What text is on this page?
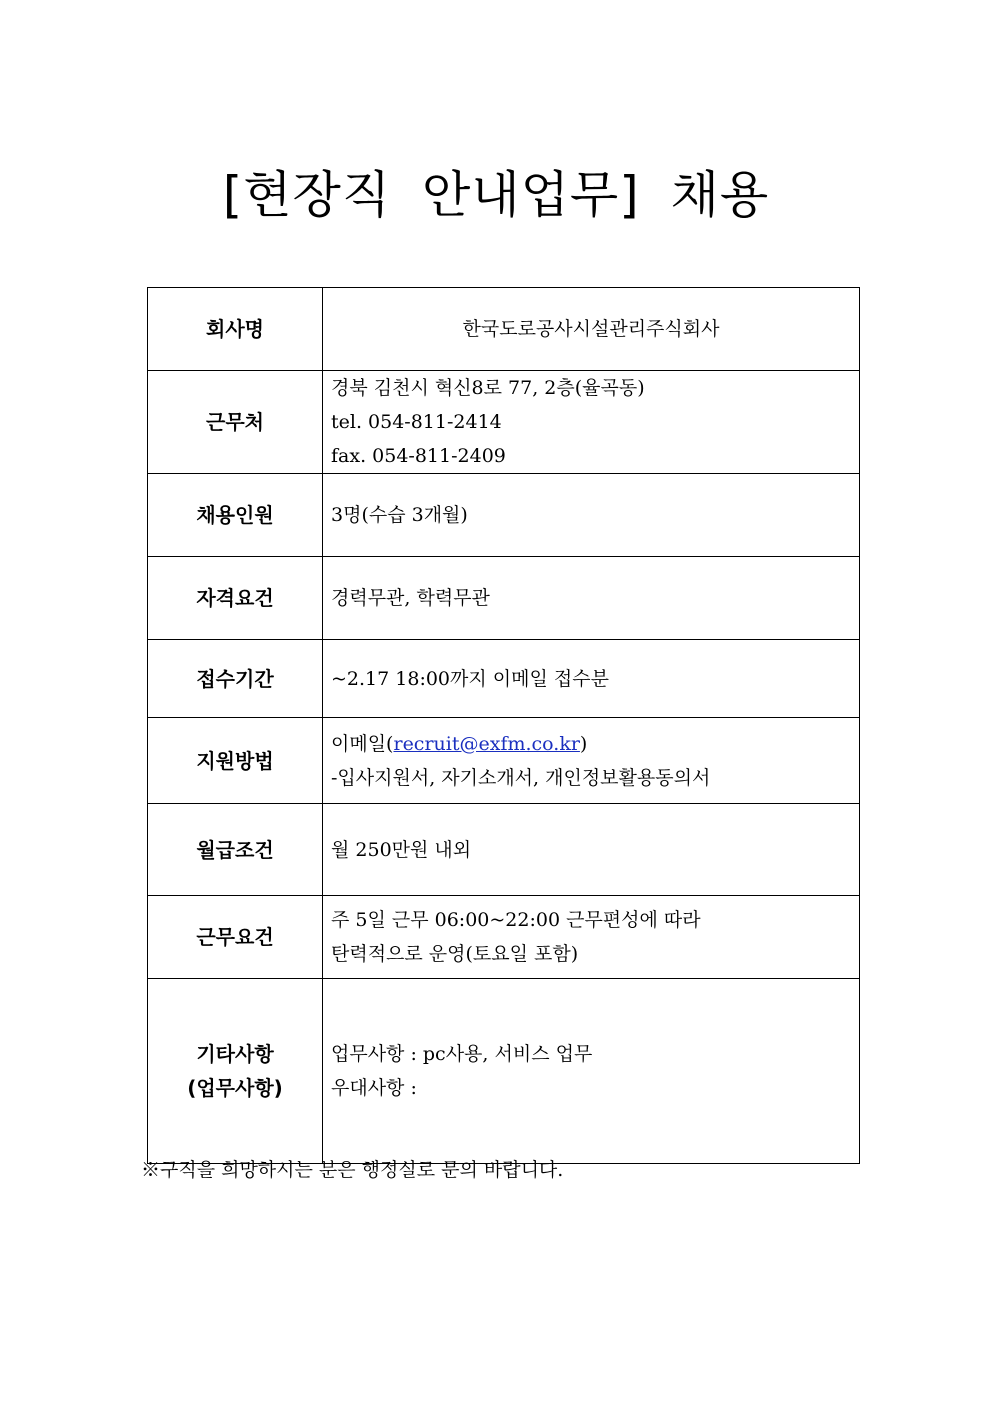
[현장직 안내업무] 채용
회사명	한국도로공사시설관리주식회사

근무처	경북 김천시 혁신8로 77, 2층(율곡동)
tel. 054-811-2414
fax. 054-811-2409

채용인원	3명(수습 3개월)

자격요건	경력무관, 학력무관

접수기간	~2.17 18:00까지 이메일 접수분

지원방법	이메일(recruit@exfm.co.kr)
-입사지원서, 자기소개서, 개인정보활용동의서

월급조건	월 250만원 내외

근무요건	주 5일 근무 06:00~22:00 근무편성에 따라
탄력적으로 운영(토요일 포함)

기타사항
(업무사항)	업무사항 : pc사용, 서비스 업무
우대사항 :
※구직을 희망하시는 분은 행정실로 문의 바랍니다.
